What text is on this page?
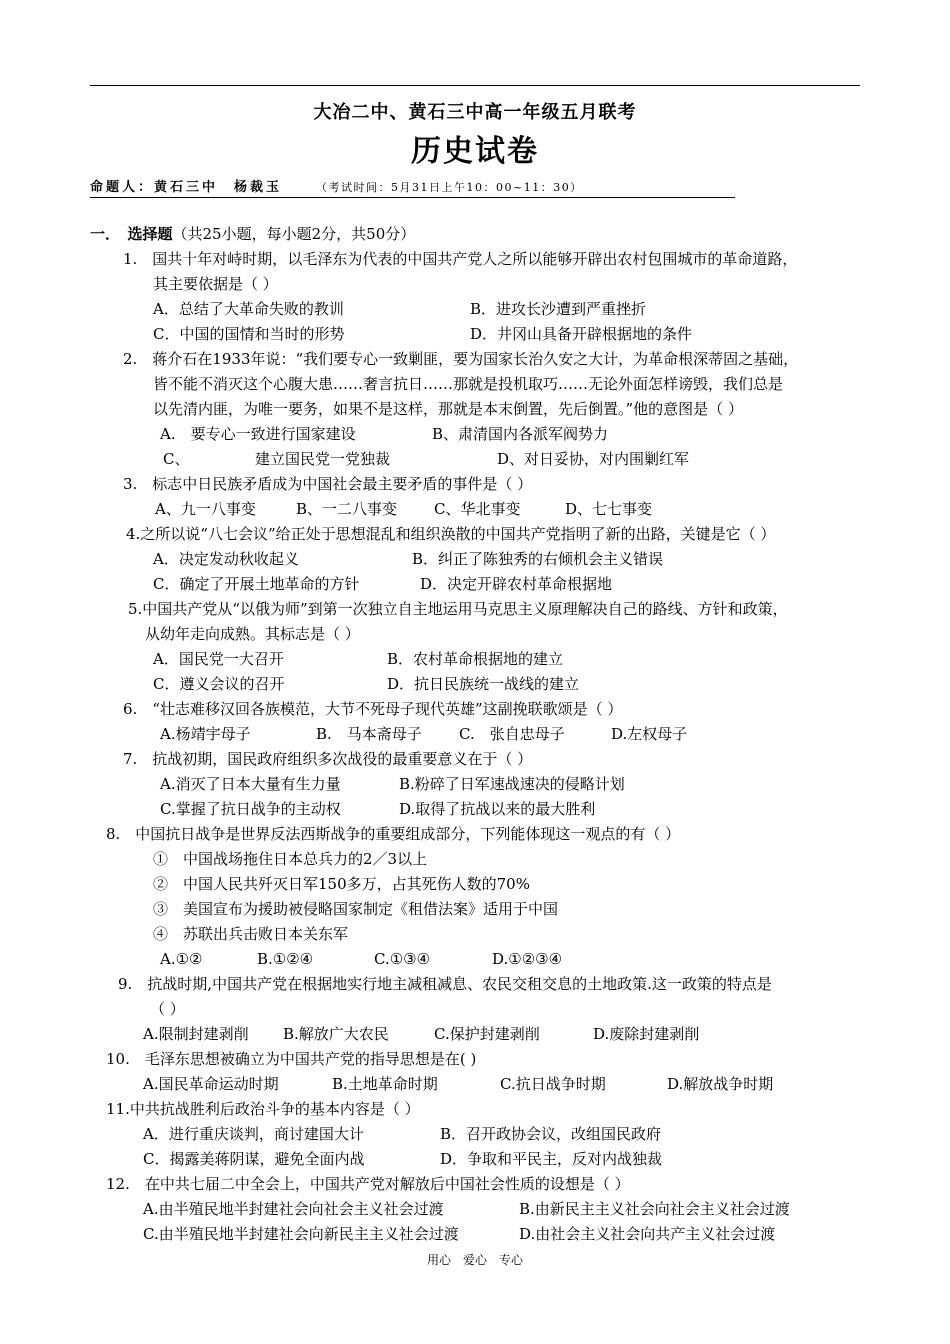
大冶二中、黄石三中高一年级五月联考
历史试卷
命题人：黄石三中　杨裁玉	（考试时间：5月31日上午10：00~11：30）
一．　选择题（共25小题，每小题2分，共50分）
1.　国共十年对峙时期，以毛泽东为代表的中国共产党人之所以能够开辟出农村包围城市的革命道路，
其主要依据是（ ）
A．总结了大革命失败的教训	B．进攻长沙遭到严重挫折
C．中国的国情和当时的形势	D．井冈山具备开辟根据地的条件
2.　蒋介石在1933年说：“我们要专心一致剿匪，要为国家长治久安之大计，为革命根深蒂固之基础，
皆不能不消灭这个心腹大患……奢言抗日……那就是投机取巧……无论外面怎样谤毁，我们总是
以先清内匪，为唯一要务，如果不是这样，那就是本末倒置，先后倒置。”他的意图是（ ）
A.　要专心一致进行国家建设	B、肃清国内各派军阀势力
C、	建立国民党一党独裁	D、对日妥协，对内围剿红军
3.　标志中日民族矛盾成为中国社会最主要矛盾的事件是（ ）
A、九一八事变	B、一二八事变 C、华北事变	D、七七事变
4.之所以说“八七会议”给正处于思想混乱和组织涣散的中国共产党指明了新的出路，关键是它（ ）
A．决定发动秋收起义	B．纠正了陈独秀的右倾机会主义错误
C．确定了开展土地革命的方针	D．决定开辟农村革命根据地
5.中国共产党从“以俄为师”到第一次独立自主地运用马克思主义原理解决自己的路线、方针和政策，
从幼年走向成熟。其标志是（ ）
A．国民党一大召开	B．农村革命根据地的建立
C．遵义会议的召开	D．抗日民族统一战线的建立
6.　“壮志难移汉回各族模范，大节不死母子现代英雄”这副挽联歌颂是（ ）
A.杨靖宇母子	B.　马本斋母子 C.　张自忠母子	D.左权母子
7.　抗战初期，国民政府组织多次战役的最重要意义在于（ ）
A.消灭了日本大量有生力量	B.粉碎了日军速战速决的侵略计划
C.掌握了抗日战争的主动权	D.取得了抗战以来的最大胜利
8.　中国抗日战争是世界反法西斯战争的重要组成部分，下列能体现这一观点的有（ ）
①　中国战场拖住日本总兵力的2／3以上
②　中国人民共歼灭日军150多万，占其死伤人数的70%
③　美国宣布为援助被侵略国家制定《租借法案》适用于中国
④　苏联出兵击败日本关东军
A.①②	B.①②④	C.①③④	D.①②③④
9.　抗战时期,中国共产党在根据地实行地主减租减息、农民交租交息的土地政策.这一政策的特点是
（ ）
A.限制封建剥削 B.解放广大农民	C.保护封建剥削	D.废除封建剥削
10.　毛泽东思想被确立为中国共产党的指导思想是在( )
A.国民革命运动时期	B.土地革命时期	C.抗日战争时期	D.解放战争时期
11.中共抗战胜利后政治斗争的基本内容是（ ）
A．进行重庆谈判，商讨建国大计	B．召开政协会议，改组国民政府
C．揭露美蒋阴谋，避免全面内战	D．争取和平民主，反对内战独裁
12.　在中共七届二中全会上，中国共产党对解放后中国社会性质的设想是（ ）
A.由半殖民地半封建社会向社会主义社会过渡	B.由新民主主义社会向社会主义社会过渡
C.由半殖民地半封建社会向新民主主义社会过渡	D.由社会主义社会向共产主义社会过渡
用心　爱心　专心
